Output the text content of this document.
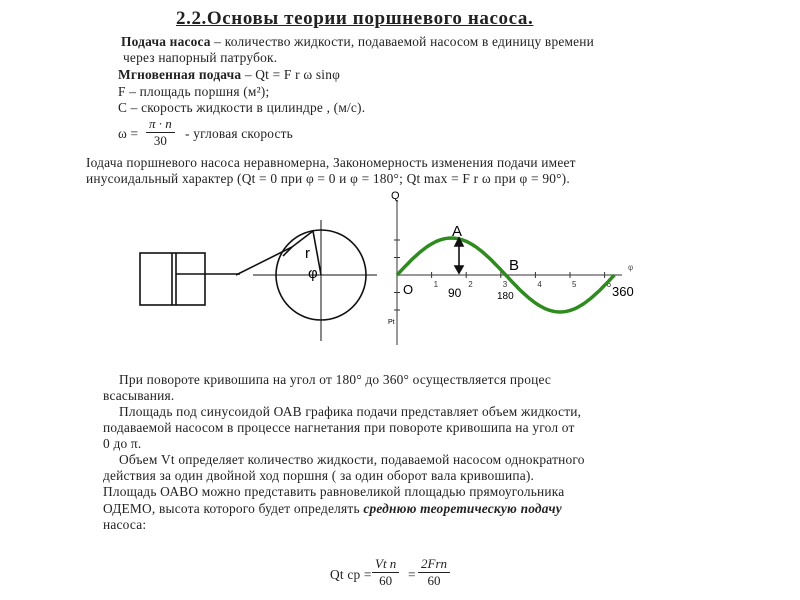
2.2.Основы теории поршневого насоса.
Подача насоса – количество жидкости, подаваемой насосом в единицу времени
через напорный патрубок.
Мгновенная подача – Qt = F r ω sinφ
F – площадь поршня (м²);
С – скорость жидкости в цилиндре , (м/с).
$\omega = \frac{\pi \cdot n}{30}$ - угловая скорость
Іодача поршневого насоса неравномерна, Закономерность изменения подачи имеет
инусоидальный характер (Qt = 0 при φ = 0 и φ = 180°; Qt max = F r ω при φ = 90°).
r
φ
1	2	3	4	5	6
Q
A
B	φ
O	90	180	360
Pt
При повороте кривошипа на угол от 180° до 360° осуществляется процес
всасывания.
Площадь под синусоидой ОАВ графика подачи представляет объем жидкости,
подаваемой насосом в процессе нагнетания при повороте кривошипа на угол от
0 до π.
Объем Vt определяет количество жидкости, подаваемой насосом однократного
действия за один двойной ход поршня ( за один оборот вала кривошипа).
Площадь ОАВО можно представить равновеликой площадью прямоугольника
ОДЕМО, высота которого будет определять среднюю теоретическую подачу
насоса:
Qt ср = $\frac{\text{Vt n}}{60}$ =
2Frn
60
